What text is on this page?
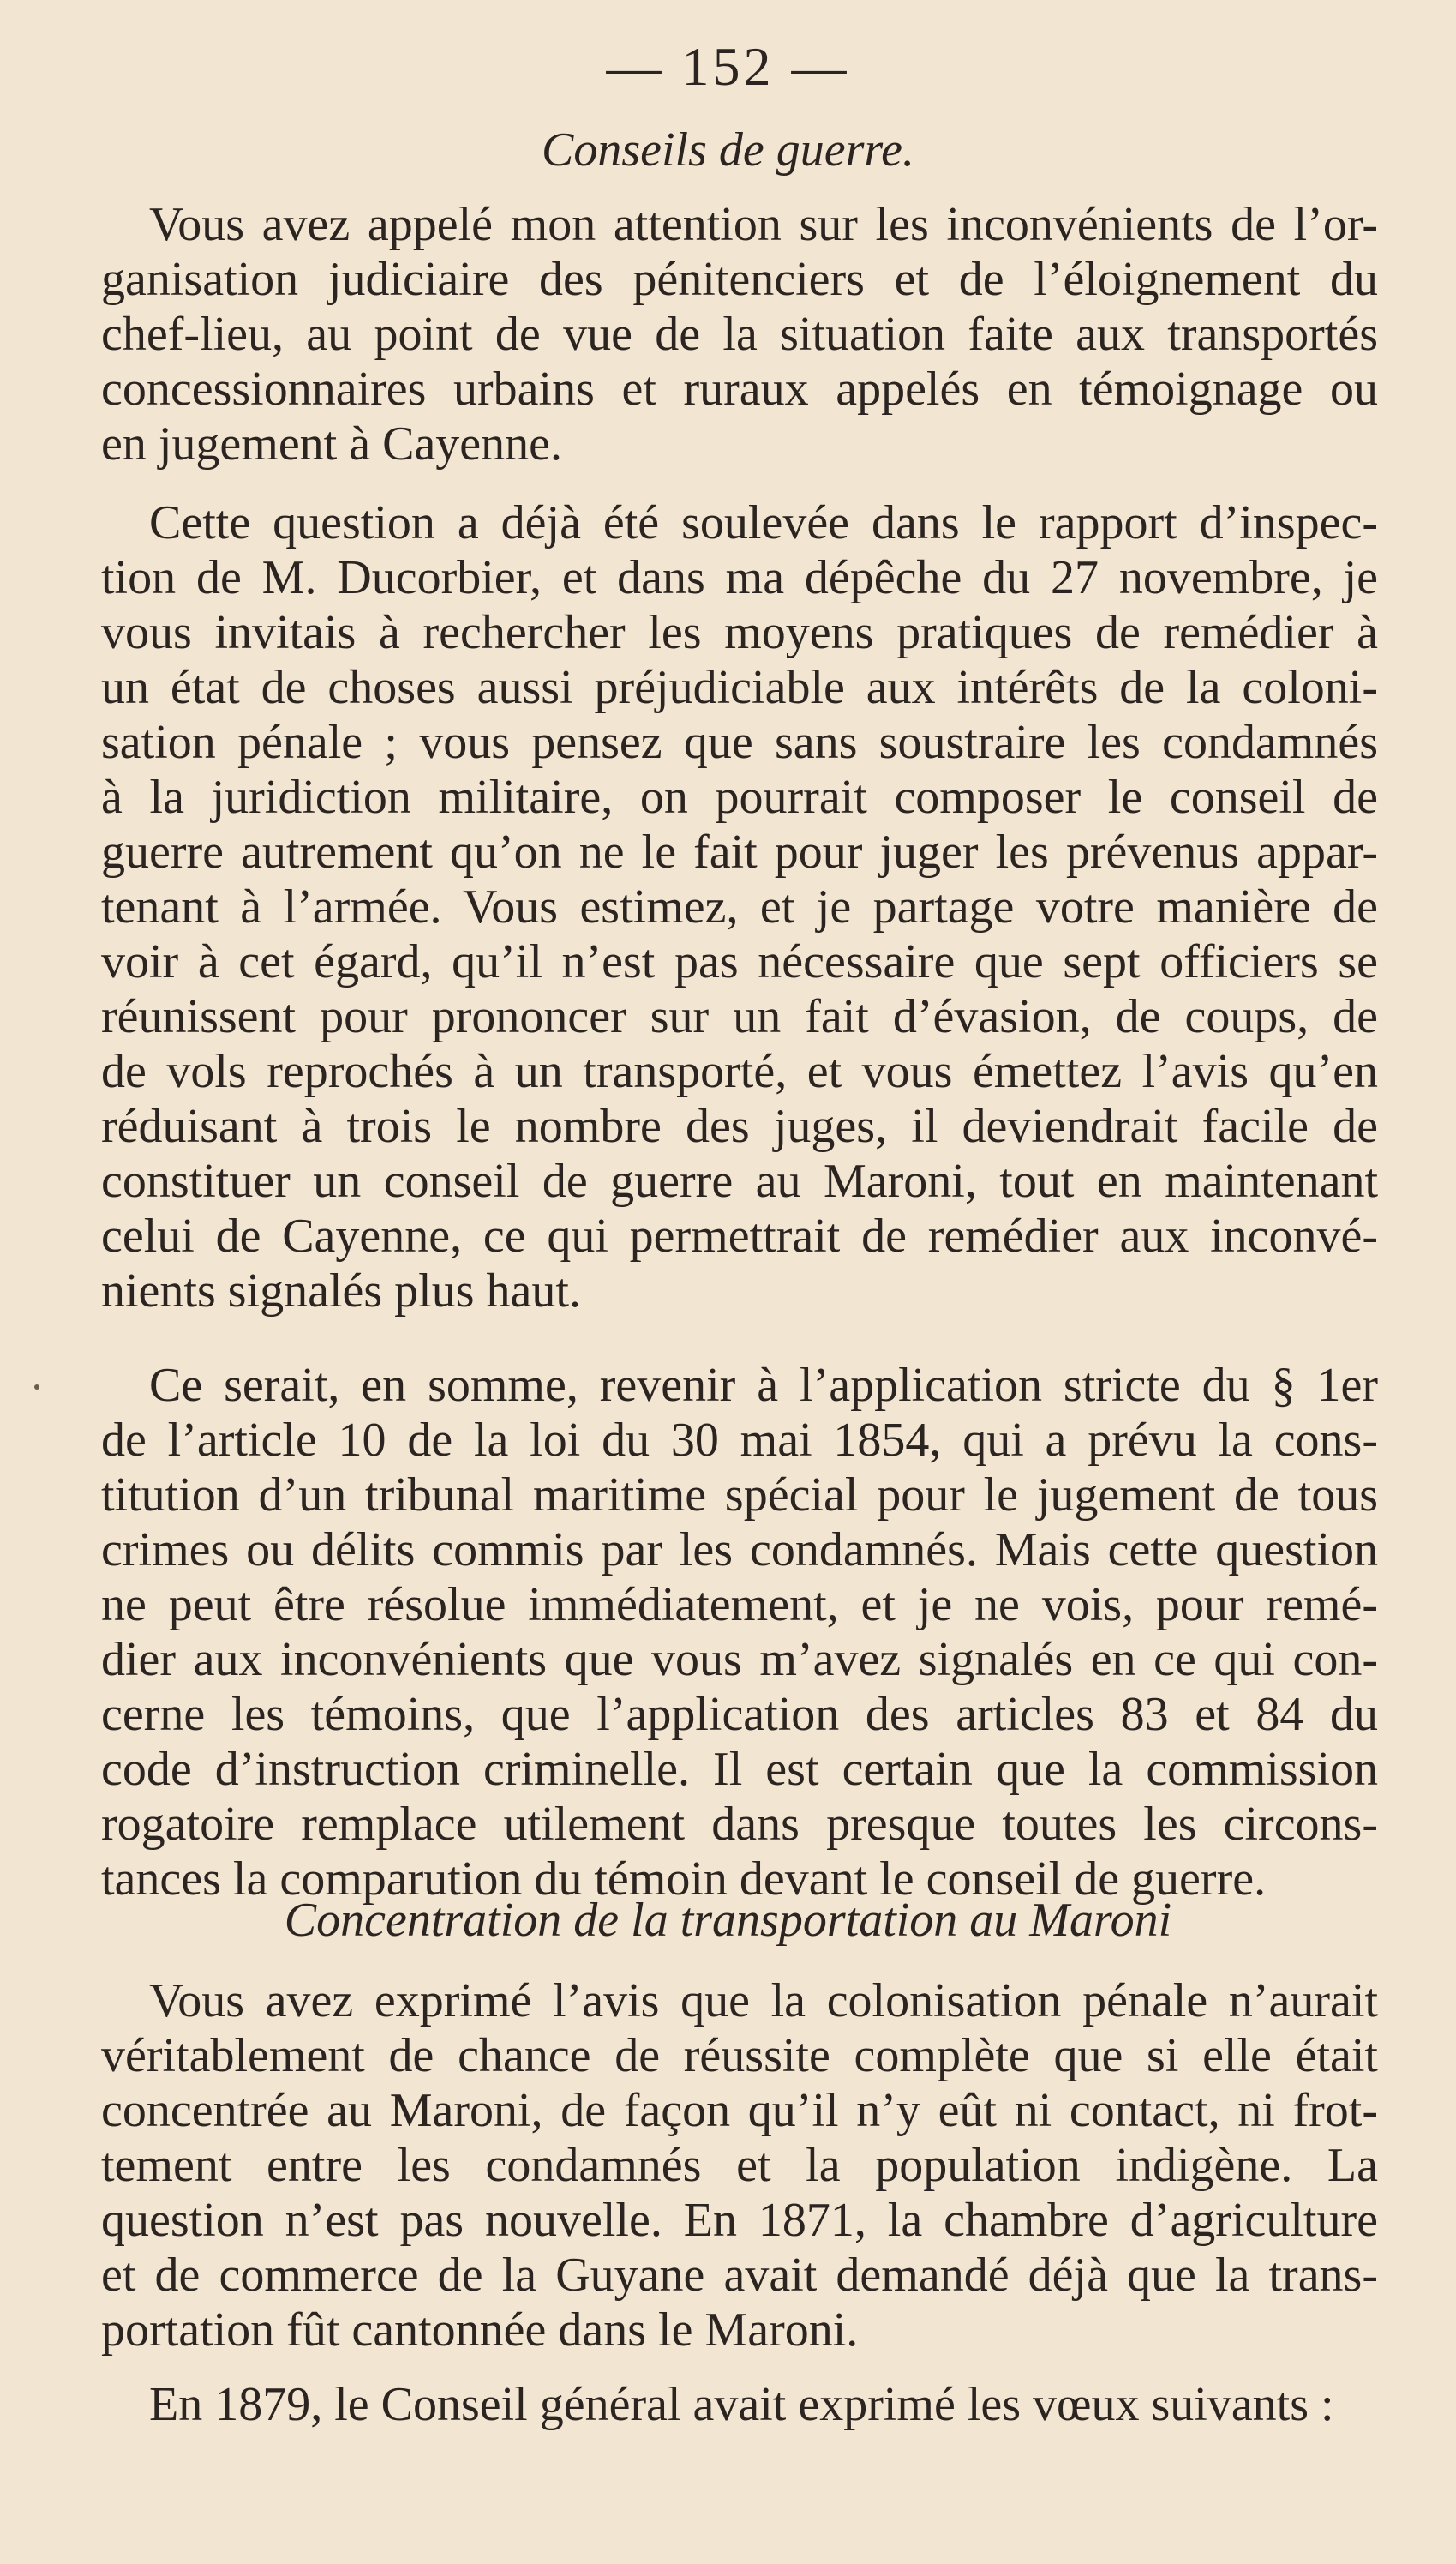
— 152 —
Conseils de guerre.
Vous avez appelé mon attention sur les inconvénients de l’or-
ganisation judiciaire des pénitenciers et de l’éloignement du
chef-lieu, au point de vue de la situation faite aux transportés
concessionnaires urbains et ruraux appelés en témoignage ou
en jugement à Cayenne.
Cette question a déjà été soulevée dans le rapport d’inspec-
tion de M. Ducorbier, et dans ma dépêche du 27 novembre, je
vous invitais à rechercher les moyens pratiques de remédier à
un état de choses aussi préjudiciable aux intérêts de la coloni-
sation pénale ; vous pensez que sans soustraire les condamnés
à la juridiction militaire, on pourrait composer le conseil de
guerre autrement qu’on ne le fait pour juger les prévenus appar-
tenant à l’armée. Vous estimez, et je partage votre manière de
voir à cet égard, qu’il n’est pas nécessaire que sept officiers se
réunissent pour prononcer sur un fait d’évasion, de coups, de
de vols reprochés à un transporté, et vous émettez l’avis qu’en
réduisant à trois le nombre des juges, il deviendrait facile de
constituer un conseil de guerre au Maroni, tout en maintenant
celui de Cayenne, ce qui permettrait de remédier aux inconvé-
nients signalés plus haut.
Ce serait, en somme, revenir à l’application stricte du § 1er
de l’article 10 de la loi du 30 mai 1854, qui a prévu la cons-
titution d’un tribunal maritime spécial pour le jugement de tous
crimes ou délits commis par les condamnés. Mais cette question
ne peut être résolue immédiatement, et je ne vois, pour remé-
dier aux inconvénients que vous m’avez signalés en ce qui con-
cerne les témoins, que l’application des articles 83 et 84 du
code d’instruction criminelle. Il est certain que la commission
rogatoire remplace utilement dans presque toutes les circons-
tances la comparution du témoin devant le conseil de guerre.
Concentration de la transportation au Maroni
Vous avez exprimé l’avis que la colonisation pénale n’aurait
véritablement de chance de réussite complète que si elle était
concentrée au Maroni, de façon qu’il n’y eût ni contact, ni frot-
tement entre les condamnés et la population indigène. La
question n’est pas nouvelle. En 1871, la chambre d’agriculture
et de commerce de la Guyane avait demandé déjà que la trans-
portation fût cantonnée dans le Maroni.
En 1879, le Conseil général avait exprimé les vœux suivants :
